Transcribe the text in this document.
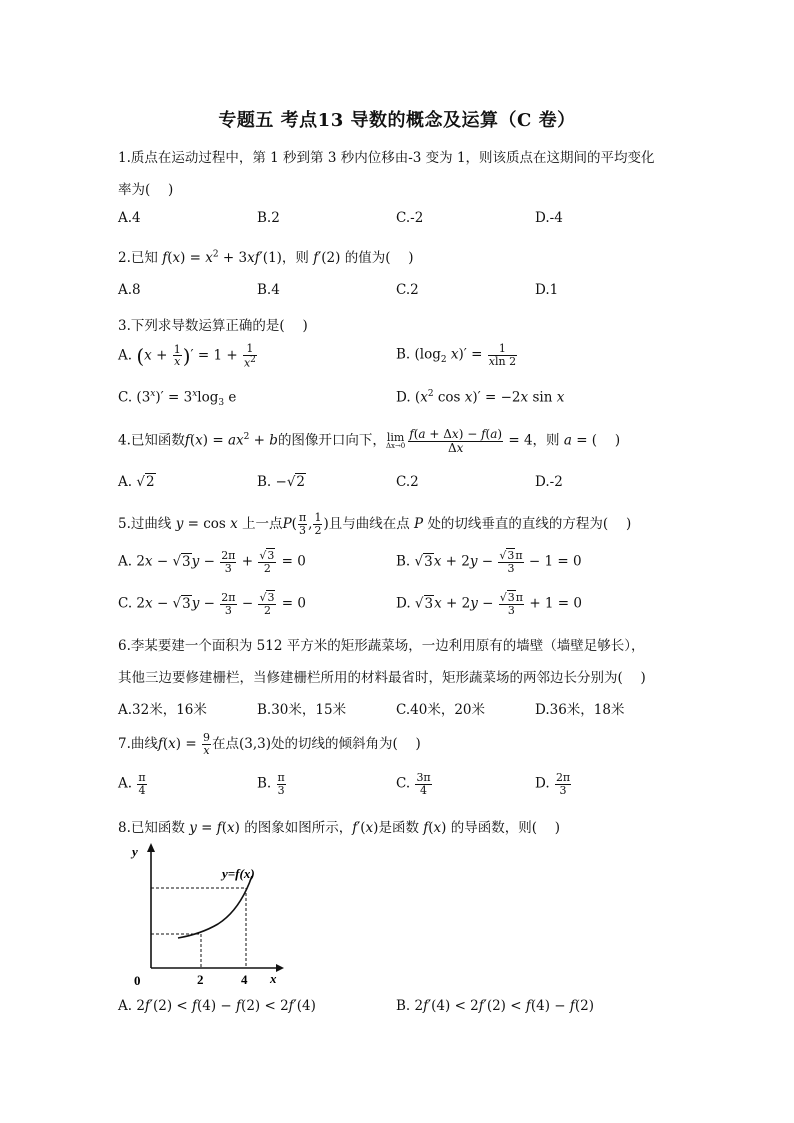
专题五 考点13 导数的概念及运算（C 卷）
1.质点在运动过程中，第 1 秒到第 3 秒内位移由-3 变为 1，则该质点在这期间的平均变化
率为(　 )
A.4	B.2	C.-2	D.-4
2.已知 $f(x) = x^2 + 3xf'(1)$，则 f′(2) 的值为(　 )
A.8	B.4	C.2	D.1
3.下列求导数运算正确的是(　 )
A. ($x + \frac{1}{x}$ )′ = $1 + \frac{1}{x^2}$	B. ($\log_2$ $x)' = \frac{1}{xln 2}$
C. $(3^x)' = 3^x\log_3$ e	D. ($x^2$ cos x)′ = −2x sin x
4.已知函数$f(x) = ax^2 + b$的图像开口向下，lim
$\Delta x\to 0 \frac{f(a + \Delta x) - f(a)}{\Delta x} = 4$，则 a = (　 )
A. √2	B. −√2	C.2	D.-2
5.过曲线 y = cos x 上一点$P( \frac{\pi}{3}$ , $\frac{1}{2}$ )且与曲线在点 P 处的切线垂直的直线的方程为(　 )
A. $2x - √3y - \frac{2\pi}{3} + \frac{√3}{2} = 0$	B. $√3x + 2y - \frac{√3\pi}{3} - 1 = 0$
C. $2x - √3y - \frac{2\pi}{3} - \frac{√3}{2} = 0$	D. $√3x + 2y - \frac{√3\pi}{3} + 1 = 0$
6.李某要建一个面积为 512 平方米的矩形蔬菜场，一边利用原有的墙壁（墙壁足够长），
其他三边要修建栅栏，当修建栅栏所用的材料最省时，矩形蔬菜场的两邻边长分别为(　 )
A.32米，16米	B.30米，15米	C.40米，20米	D.36米，18米
7.曲线$f(x) = \frac{9}{x}$ 在点(3,3)处的切线的倾斜角为(　 )
A. $\frac{\pi}{4}$	B. $\frac{\pi}{3}$	C. $\frac{3\pi}{4}$	D. $\frac{2\pi}{3}$
8.已知函数 y = f(x) 的图象如图所示，f′(x)是函数 f(x) 的导函数，则(　 )
y
x
0	2	4
y=f(x)
A. 2f′(2) < f(4) − f(2) < 2f′(4)	B. 2f′(4) < 2f′(2) < f(4) − f(2)
